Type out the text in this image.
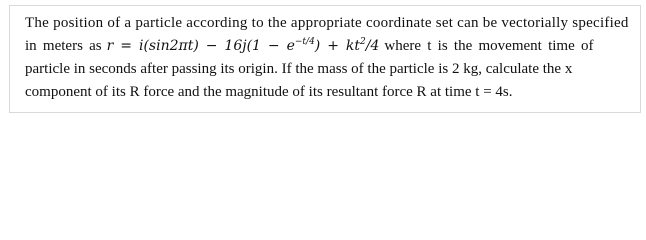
The position of a particle according to the appropriate coordinate set can be vectorially specified
in meters as $r = i(\sin 2\pi t) - 16j(1 - e^{-t/4}) + kt^2/4$ where t is the movement time of
particle in seconds after passing its origin. If the mass of the particle is 2 kg, calculate the x
component of its R force and the magnitude of its resultant force R at time t = 4s.
